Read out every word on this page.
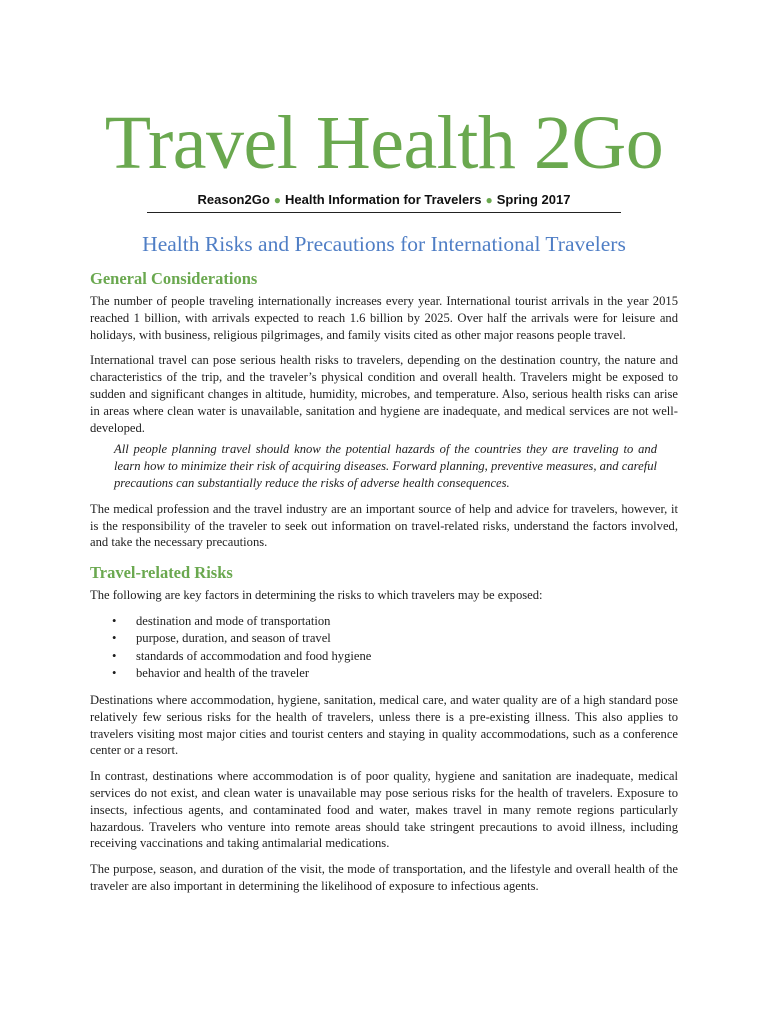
Travel Health 2Go
Reason2Go ● Health Information for Travelers ● Spring 2017
Health Risks and Precautions for International Travelers
General Considerations

The number of people traveling internationally increases every year. International tourist arrivals in the year 2015 reached 1 billion, with arrivals expected to reach 1.6 billion by 2025. Over half the arrivals were for leisure and holidays, with business, religious pilgrimages, and family visits cited as other major reasons people travel.

International travel can pose serious health risks to travelers, depending on the destination country, the nature and characteristics of the trip, and the traveler’s physical condition and overall health. Travelers might be exposed to sudden and significant changes in altitude, humidity, microbes, and temperature. Also, serious health risks can arise in areas where clean water is unavailable, sanitation and hygiene are inadequate, and medical services are not well-developed.

All people planning travel should know the potential hazards of the countries they are traveling to and learn how to minimize their risk of acquiring diseases. Forward planning, preventive measures, and careful precautions can substantially reduce the risks of adverse health consequences.

The medical profession and the travel industry are an important source of help and advice for travelers, however, it is the responsibility of the traveler to seek out information on travel-related risks, understand the factors involved, and take the necessary precautions.

Travel-related Risks

The following are key factors in determining the risks to which travelers may be exposed:

• destination and mode of transportation
• purpose, duration, and season of travel
• standards of accommodation and food hygiene
• behavior and health of the traveler

Destinations where accommodation, hygiene, sanitation, medical care, and water quality are of a high standard pose relatively few serious risks for the health of travelers, unless there is a pre-existing illness. This also applies to travelers visiting most major cities and tourist centers and staying in quality accommodations, such as a conference center or a resort.

In contrast, destinations where accommodation is of poor quality, hygiene and sanitation are inadequate, medical services do not exist, and clean water is unavailable may pose serious risks for the health of travelers. Exposure to insects, infectious agents, and contaminated food and water, makes travel in many remote regions particularly hazardous. Travelers who venture into remote areas should take stringent precautions to avoid illness, including receiving vaccinations and taking antimalarial medications.

The purpose, season, and duration of the visit, the mode of transportation, and the lifestyle and overall health of the traveler are also important in determining the likelihood of exposure to infectious agents.
